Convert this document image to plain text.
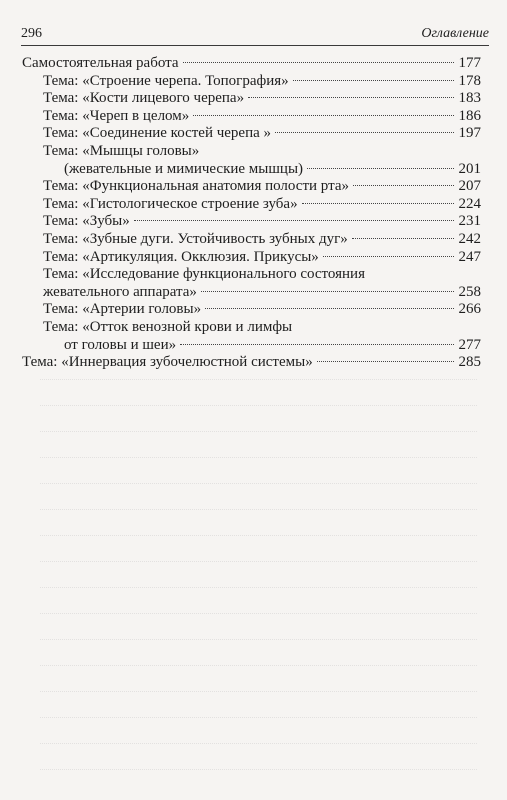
296	Оглавление
Самостоятельная работа	177
Тема: «Строение черепа. Топография»	178
Тема: «Кости лицевого черепа»	183
Тема: «Череп в целом»	186
Тема: «Соединение костей черепа »	197
Тема: «Мышцы головы»
(жевательные и мимические мышцы)	201
Тема: «Функциональная анатомия полости рта»	207
Тема: «Гистологическое строение зуба»	224
Тема: «Зубы»	231
Тема: «Зубные дуги. Устойчивость зубных дуг»	242
Тема: «Артикуляция. Окклюзия. Прикусы»	247
Тема: «Исследование функционального состояния
жевательного аппарата»	258
Тема: «Артерии головы»	266
Тема: «Отток венозной крови и лимфы
от головы и шеи»	277
Тема: «Иннервация зубочелюстной системы»	285
